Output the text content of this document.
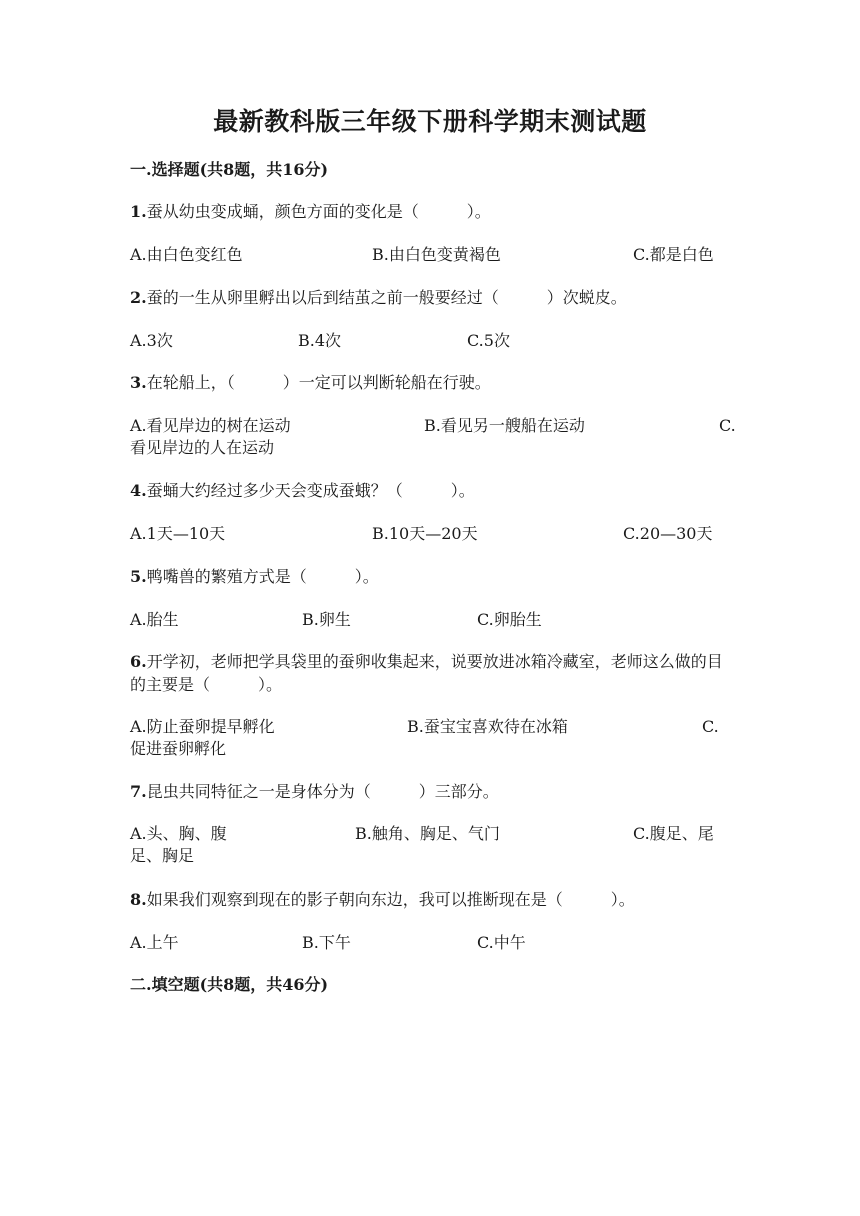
最新教科版三年级下册科学期末测试题
一.选择题(共8题，共16分)
1.蚕从幼虫变成蛹，颜色方面的变化是（　　　）。
A.由白色变红色	B.由白色变黄褐色	C.都是白色
2.蚕的一生从卵里孵出以后到结茧之前一般要经过（　　　）次蜕皮。
A.3次	B.4次	C.5次
3.在轮船上，（　　　）一定可以判断轮船在行驶。
A.看见岸边的树在运动	B.看见另一艘船在运动	C.
看见岸边的人在运动
4.蚕蛹大约经过多少天会变成蚕蛾？（　　　）。
A.1天—10天	B.10天—20天	C.20—30天
5.鸭嘴兽的繁殖方式是（　　　）。
A.胎生	B.卵生	C.卵胎生
6.开学初，老师把学具袋里的蚕卵收集起来，说要放进冰箱冷藏室，老师这么做的目的主要是（　　　）。
A.防止蚕卵提早孵化	B.蚕宝宝喜欢待在冰箱	C.
促进蚕卵孵化
7.昆虫共同特征之一是身体分为（　　　）三部分。
A.头、胸、腹	B.触角、胸足、气门	C.腹足、尾
足、胸足
8.如果我们观察到现在的影子朝向东边，我可以推断现在是（　　　）。
A.上午	B.下午	C.中午
二.填空题(共8题，共46分)
